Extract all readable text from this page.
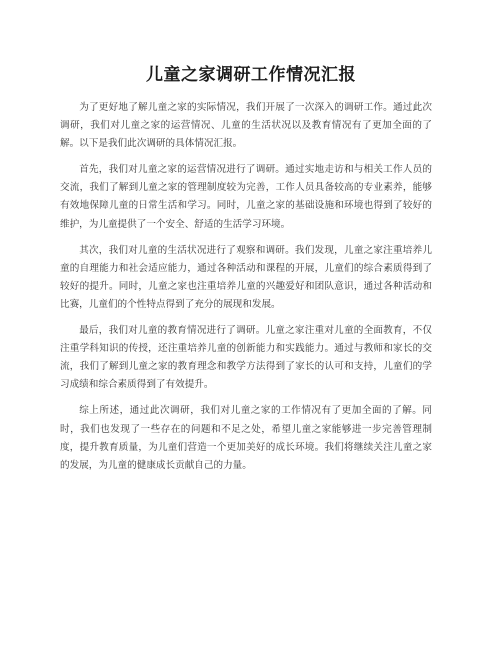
儿童之家调研工作情况汇报

为了更好地了解儿童之家的实际情况，我们开展了一次深入的调研工作。通过此次调研，我们对儿童之家的运营情况、儿童的生活状况以及教育情况有了更加全面的了解。以下是我们此次调研的具体情况汇报。

首先，我们对儿童之家的运营情况进行了调研。通过实地走访和与相关工作人员的交流，我们了解到儿童之家的管理制度较为完善，工作人员具备较高的专业素养，能够有效地保障儿童的日常生活和学习。同时，儿童之家的基础设施和环境也得到了较好的维护，为儿童提供了一个安全、舒适的生活学习环境。

其次，我们对儿童的生活状况进行了观察和调研。我们发现，儿童之家注重培养儿童的自理能力和社会适应能力，通过各种活动和课程的开展，儿童们的综合素质得到了较好的提升。同时，儿童之家也注重培养儿童的兴趣爱好和团队意识，通过各种活动和比赛，儿童们的个性特点得到了充分的展现和发展。

最后，我们对儿童的教育情况进行了调研。儿童之家注重对儿童的全面教育，不仅注重学科知识的传授，还注重培养儿童的创新能力和实践能力。通过与教师和家长的交流，我们了解到儿童之家的教育理念和教学方法得到了家长的认可和支持，儿童们的学习成绩和综合素质得到了有效提升。

综上所述，通过此次调研，我们对儿童之家的工作情况有了更加全面的了解。同时，我们也发现了一些存在的问题和不足之处，希望儿童之家能够进一步完善管理制度，提升教育质量，为儿童们营造一个更加美好的成长环境。我们将继续关注儿童之家的发展，为儿童的健康成长贡献自己的力量。
